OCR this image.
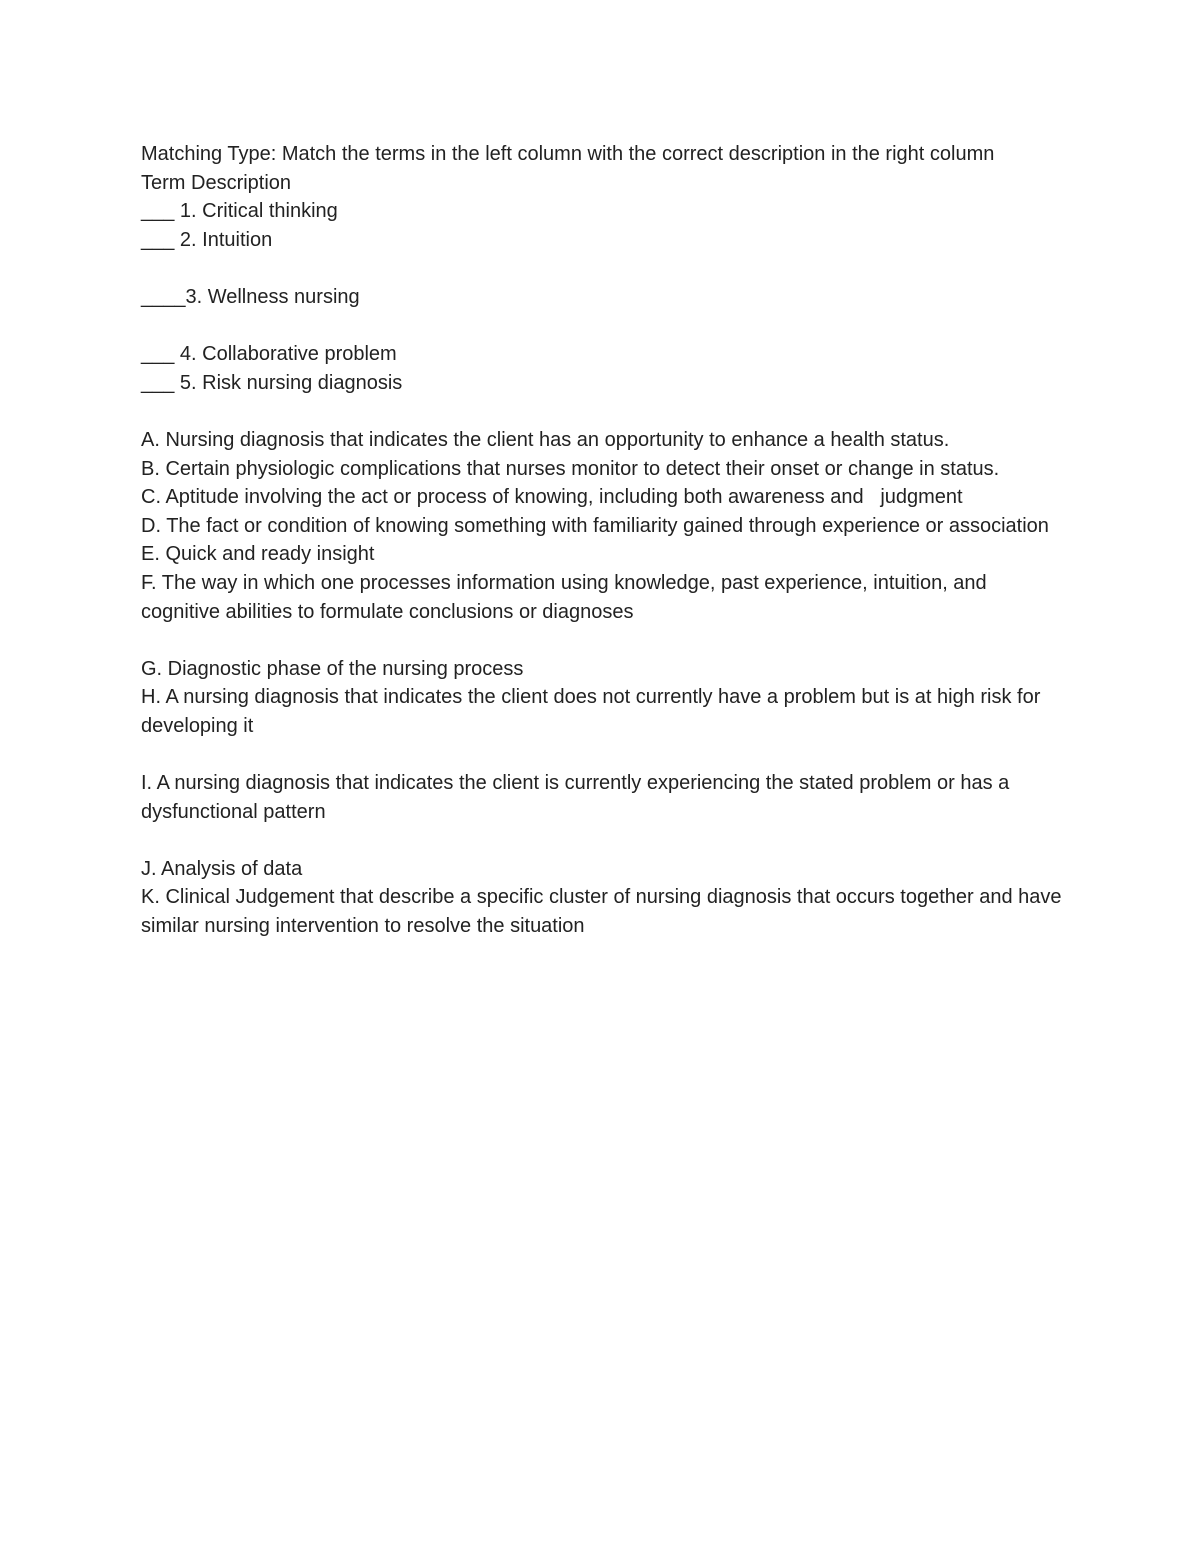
Matching Type: Match the terms in the left column with the correct description in the right column

Term Description

___ 1. Critical thinking

___ 2. Intuition

____3. Wellness nursing

___ 4. Collaborative problem

___ 5. Risk nursing diagnosis

A. Nursing diagnosis that indicates the client has an opportunity to enhance a health status.

B. Certain physiologic complications that nurses monitor to detect their onset or change in status.

C. Aptitude involving the act or process of knowing, including both awareness and   judgment

D. The fact or condition of knowing something with familiarity gained through experience or association

E. Quick and ready insight

F. The way in which one processes information using knowledge, past experience, intuition, and cognitive abilities to formulate conclusions or diagnoses

G. Diagnostic phase of the nursing process

H. A nursing diagnosis that indicates the client does not currently have a problem but is at high risk for developing it

I. A nursing diagnosis that indicates the client is currently experiencing the stated problem or has a dysfunctional pattern

J. Analysis of data

K. Clinical Judgement that describe a specific cluster of nursing diagnosis that occurs together and have similar nursing intervention to resolve the situation
